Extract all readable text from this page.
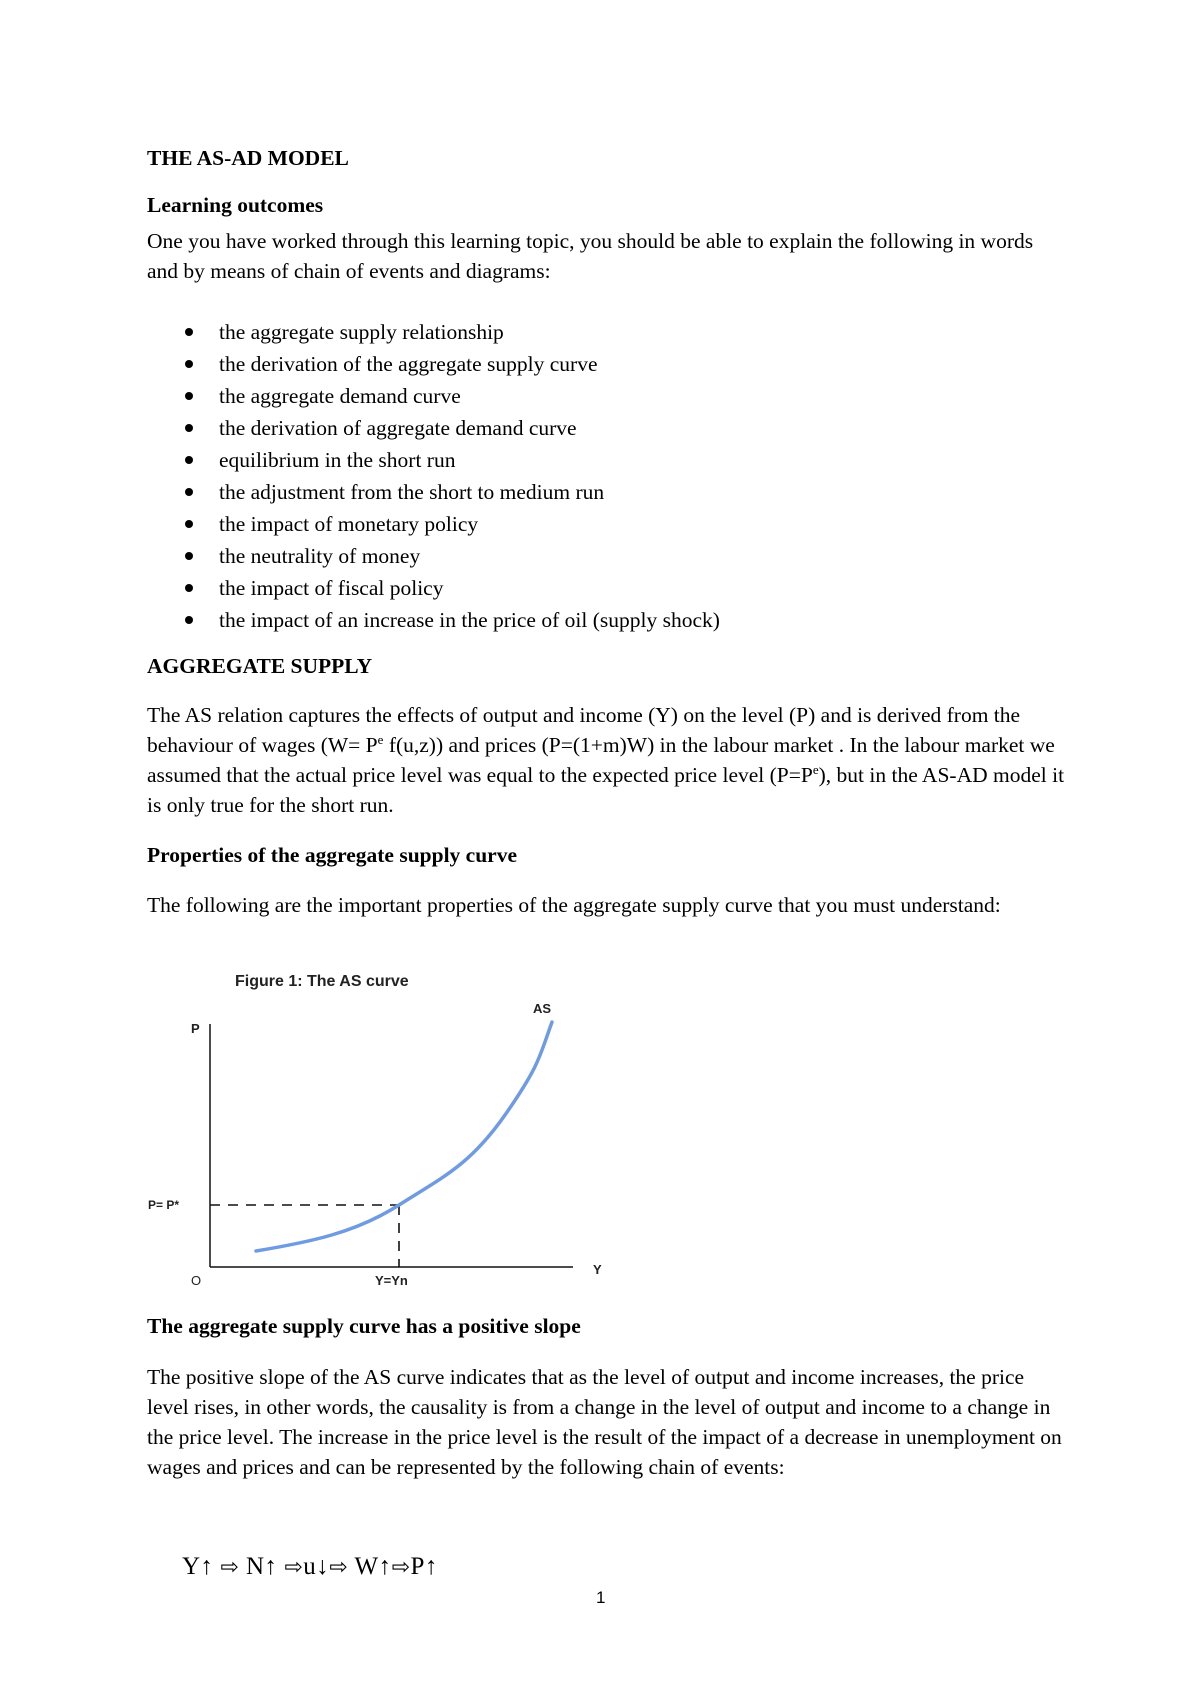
THE AS-AD MODEL
Learning outcomes
One you have worked through this learning topic, you should be able to explain the following in words and by means of chain of events and diagrams:
the aggregate supply relationship
the derivation of the aggregate supply curve
the aggregate demand curve
the derivation of aggregate demand curve
equilibrium in the short run
the adjustment from the short to medium run
the impact of monetary policy
the neutrality of money
the impact of fiscal policy
the impact of an increase in the price of oil (supply shock)
AGGREGATE SUPPLY
The AS relation captures the effects of output and income (Y) on the level (P) and is derived from the behaviour of wages ($W= P^e$ f(u,z)) and prices (P=(1+m)W) in the labour market . In the labour market we assumed that the actual price level was equal to the expected price level $(P=P^e)$, but in the AS-AD model it is only true for the short run.
Properties of the aggregate supply curve
The following are the important properties of the aggregate supply curve that you must understand:
Figure 1: The AS curve
P
AS
P= P*
O	Y=Yn
Y
The aggregate supply curve has a positive slope
The positive slope of the AS curve indicates that as the level of output and income increases, the price level rises, in other words, the causality is from a change in the level of output and income to a change in the price level. The increase in the price level is the result of the impact of a decrease in unemployment on wages and prices and can be represented by the following chain of events:
Y↑ ⇨ N↑ ⇨u↓⇨ W↑⇨P↑
1
